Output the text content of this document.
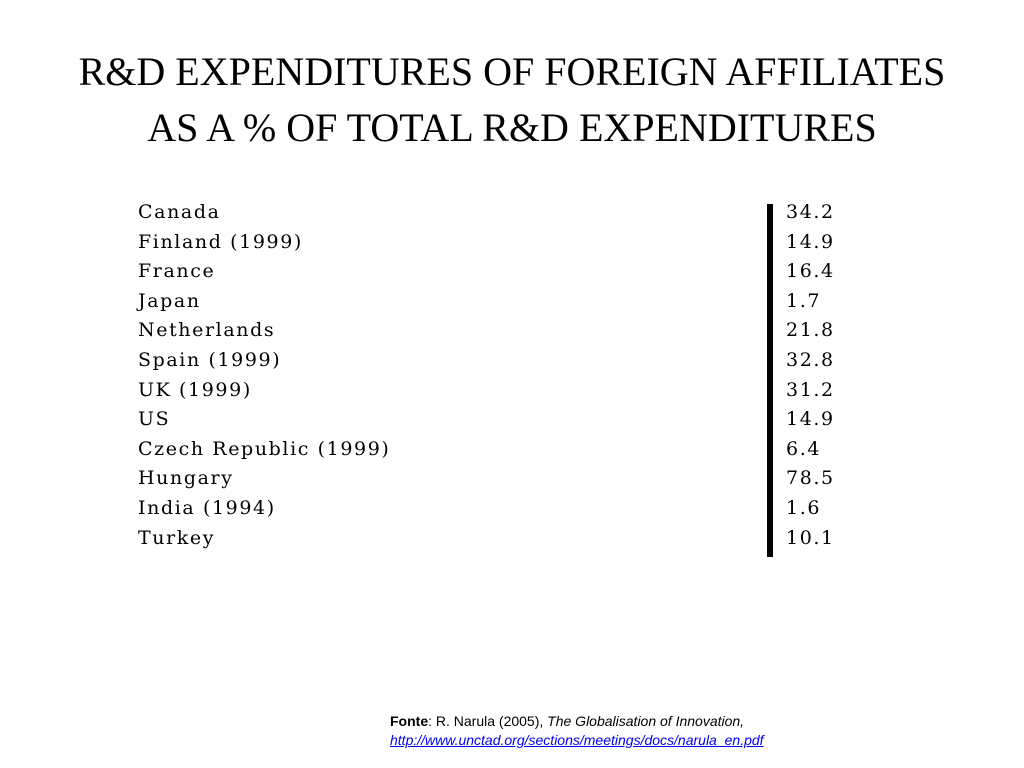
R&D EXPENDITURES OF FOREIGN AFFILIATES
AS A % OF TOTAL R&D EXPENDITURES
Canada	34.2
Finland (1999)	14.9
France	16.4
Japan	1.7
Netherlands	21.8
Spain (1999)	32.8
UK (1999)	31.2
US	14.9
Czech Republic (1999)	6.4
Hungary	78.5
India (1994)	1.6
Turkey	10.1
Fonte: R. Narula (2005), The Globalisation of Innovation,
http://www.unctad.org/sections/meetings/docs/narula_en.pdf
